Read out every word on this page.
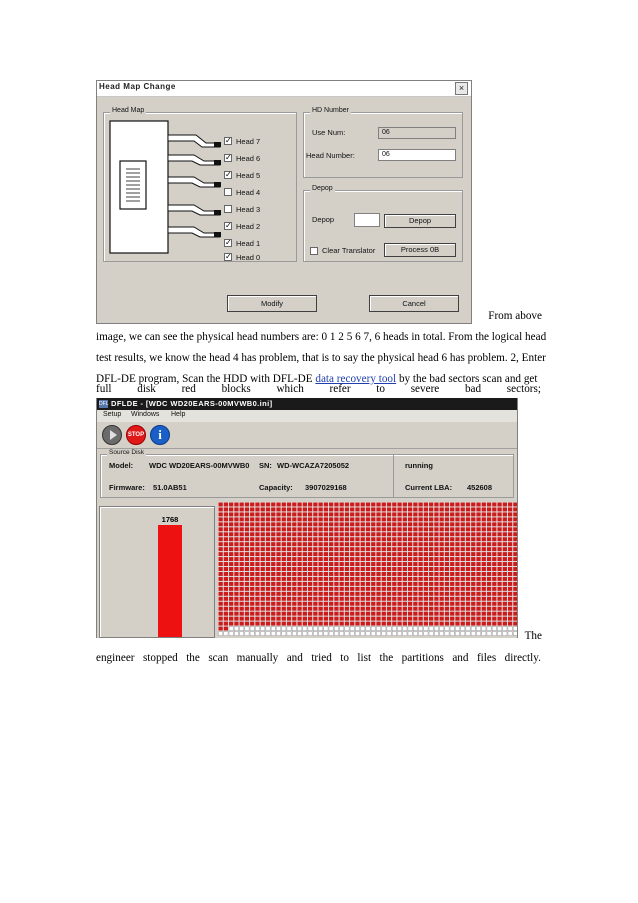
Head Map Change	×
Head Map
✓ Head 7
✓ Head 6
✓ Head 5
Head 4
Head 3
✓ Head 2
✓ Head 1
✓ Head 0
HD Number
Use Num:	06
Head Number:	06
Depop
Depop	Depop
Clear Translator	Process 0B
Modify	Cancel
From above
image, we can see the physical head numbers are: 0 1 2 5 6 7, 6 heads in total. From the logical head
test results, we know the head 4 has problem, that is to say the physical head 6 has problem. 2, Enter
DFL-DE program, Scan the HDD with DFL-DE data recovery tool by the bad sectors scan and get
full disk red blocks which refer to severe bad sectors;
DFL DFLDE - [WDC WD20EARS-00MVWB0.ini]
Setup Windows Help
STOP	i
Source Disk
Model: WDC WD20EARS-00MVWB0 SN: WD-WCAZA7205052	running
Firmware: 51.0AB51	Capacity: 3907029168	Current LBA: 452608
1768
The
engineer stopped the scan manually and tried to list the partitions and files directly.
